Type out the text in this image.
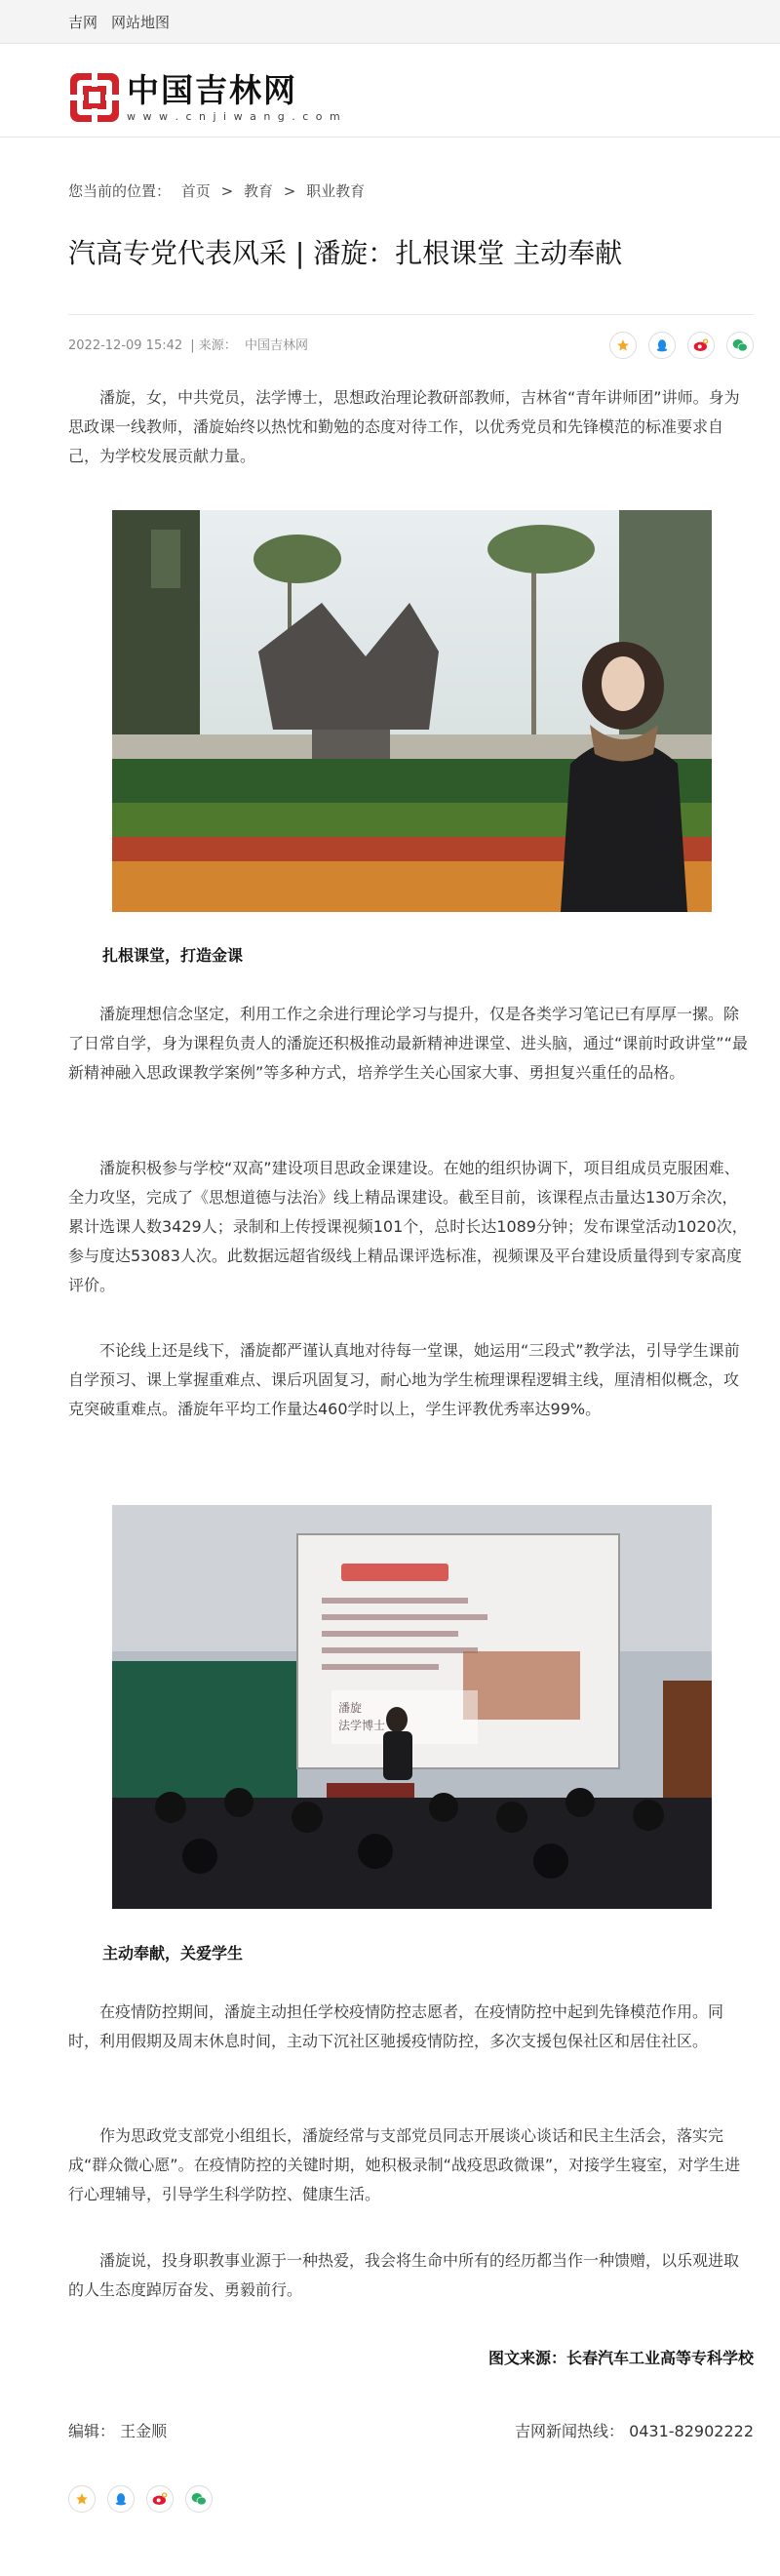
吉网 网站地图
中国吉林网
w w w . c n j i w a n g . c o m
您当前的位置： 首页 > 教育 > 职业教育
汽高专党代表风采 | 潘旋：扎根课堂 主动奉献
2022-12-09 15:42 | 来源： 中国吉林网

潘旋，女，中共党员，法学博士，思想政治理论教研部教师，吉林省“青年讲师团”讲师。身为思政课一线教师，潘旋始终以热忱和勤勉的态度对待工作，以优秀党员和先锋模范的标准要求自己，为学校发展贡献力量。

扎根课堂，打造金课

潘旋理想信念坚定，利用工作之余进行理论学习与提升，仅是各类学习笔记已有厚厚一摞。除了日常自学，身为课程负责人的潘旋还积极推动最新精神进课堂、进头脑，通过“课前时政讲堂”“最新精神融入思政课教学案例”等多种方式，培养学生关心国家大事、勇担复兴重任的品格。

潘旋积极参与学校“双高”建设项目思政金课建设。在她的组织协调下，项目组成员克服困难、全力攻坚，完成了《思想道德与法治》线上精品课建设。截至目前，该课程点击量达130万余次，累计选课人数3429人；录制和上传授课视频101个，总时长达1089分钟；发布课堂活动1020次，参与度达53083人次。此数据远超省级线上精品课评选标准，视频课及平台建设质量得到专家高度评价。

不论线上还是线下，潘旋都严谨认真地对待每一堂课，她运用“三段式”教学法，引导学生课前自学预习、课上掌握重难点、课后巩固复习，耐心地为学生梳理课程逻辑主线，厘清相似概念，攻克突破重难点。潘旋年平均工作量达460学时以上，学生评教优秀率达99%。

潘旋 法学博士
主动奉献，关爱学生

在疫情防控期间，潘旋主动担任学校疫情防控志愿者，在疫情防控中起到先锋模范作用。同时，利用假期及周末休息时间，主动下沉社区驰援疫情防控，多次支援包保社区和居住社区。

作为思政党支部党小组组长，潘旋经常与支部党员同志开展谈心谈话和民主生活会，落实完成“群众微心愿”。在疫情防控的关键时期，她积极录制“战疫思政微课”，对接学生寝室，对学生进行心理辅导，引导学生科学防控、健康生活。

潘旋说，投身职教事业源于一种热爱，我会将生命中所有的经历都当作一种馈赠，以乐观进取的人生态度踔厉奋发、勇毅前行。

图文来源：长春汽车工业高等专科学校
编辑： 王金顺	吉网新闻热线： 0431-82902222
